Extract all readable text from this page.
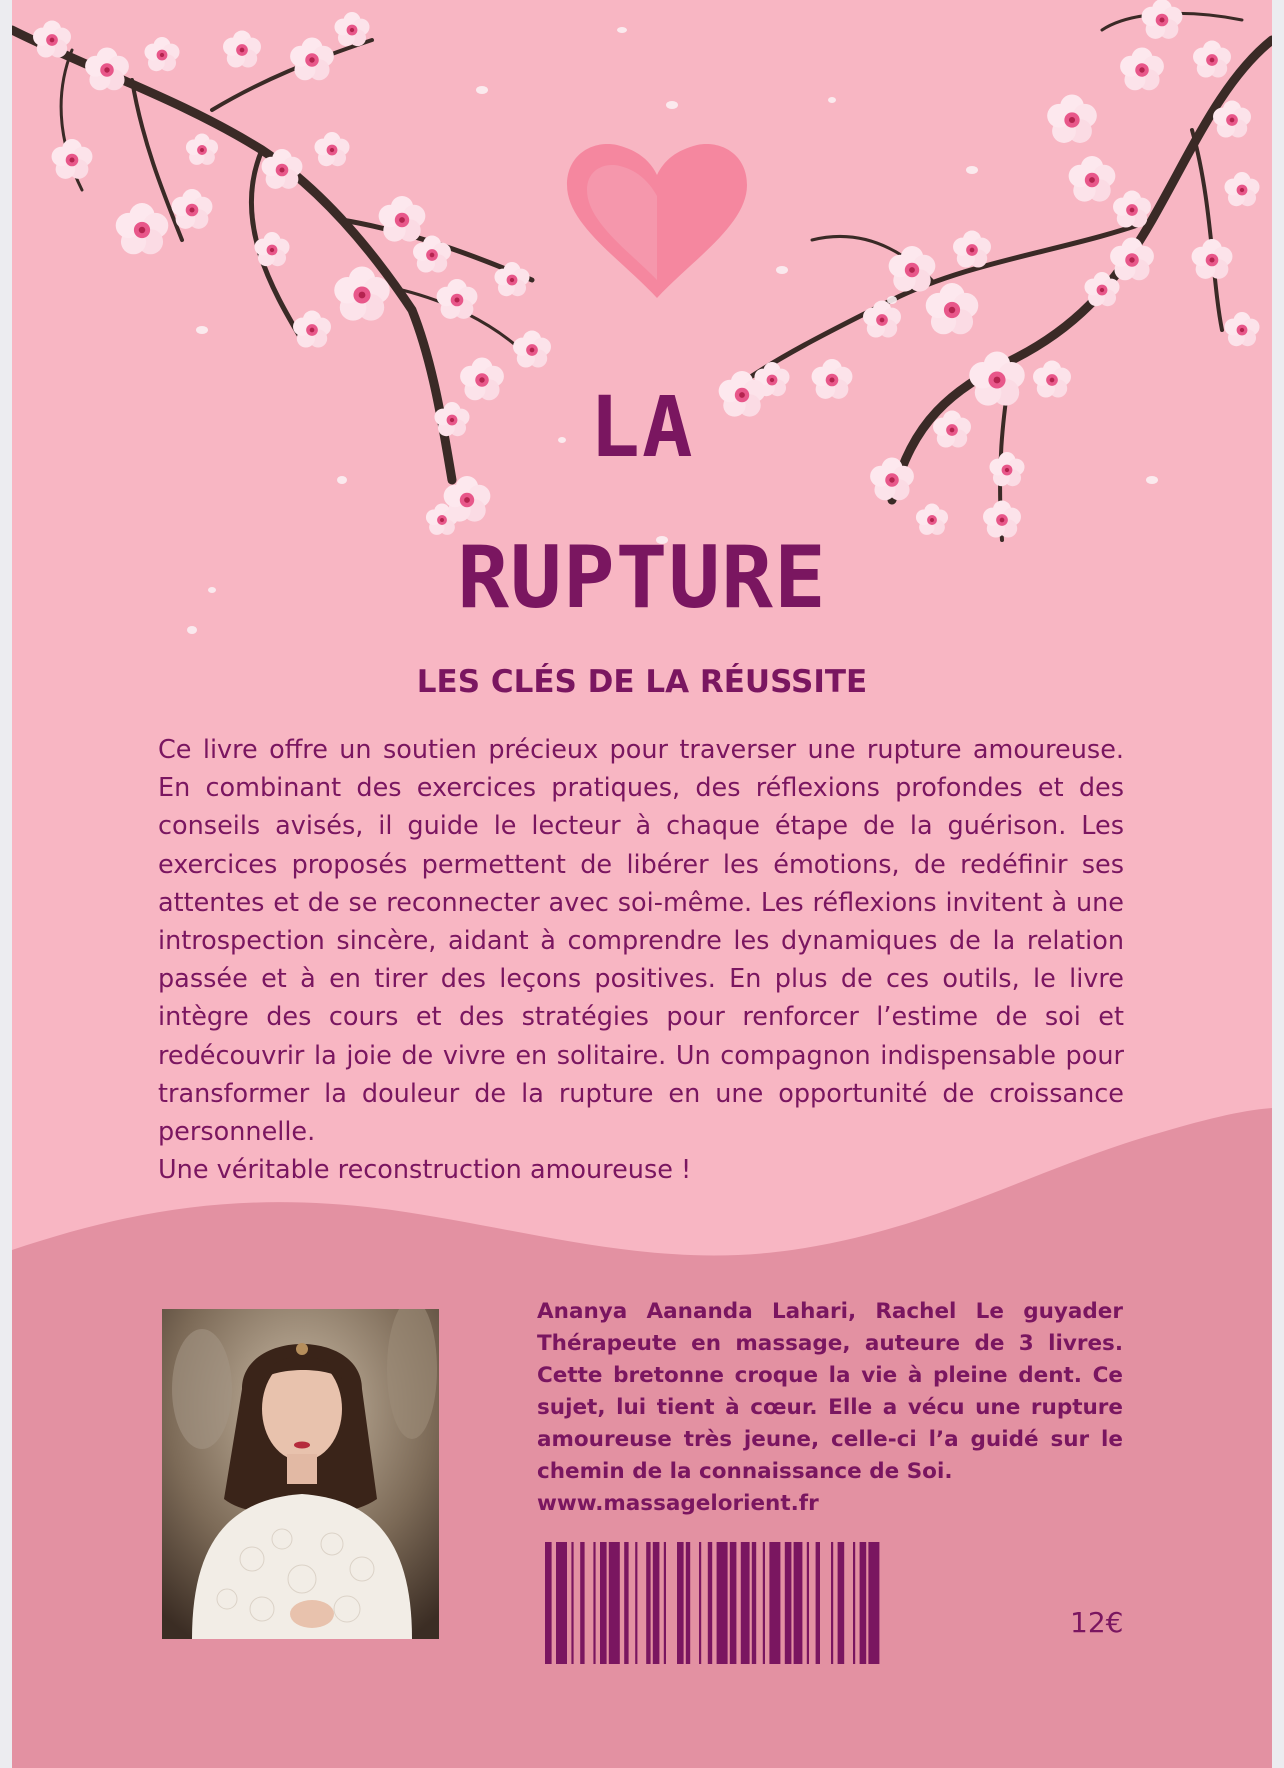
LA
RUPTURE
LES CLÉS DE LA RÉUSSITE

Ce livre offre un soutien précieux pour traverser une rupture amoureuse. En combinant des exercices pratiques, des réflexions profondes et des conseils avisés, il guide le lecteur à chaque étape de la guérison. Les exercices proposés permettent de libérer les émotions, de redéfinir ses attentes et de se reconnecter avec soi-même. Les réflexions invitent à une introspection sincère, aidant à comprendre les dynamiques de la relation passée et à en tirer des leçons positives. En plus de ces outils, le livre intègre des cours et des stratégies pour renforcer l’estime de soi et redécouvrir la joie de vivre en solitaire. Un compagnon indispensable pour transformer la douleur de la rupture en une opportunité de croissance personnelle.

Une véritable reconstruction amoureuse !

Ananya Aananda Lahari, Rachel Le guyader Thérapeute en massage, auteure de 3 livres. Cette bretonne croque la vie à pleine dent. Ce sujet, lui tient à cœur. Elle a vécu une rupture amoureuse très jeune, celle-ci l’a guidé sur le chemin de la connaissance de Soi.

www.massagelorient.fr

12€
